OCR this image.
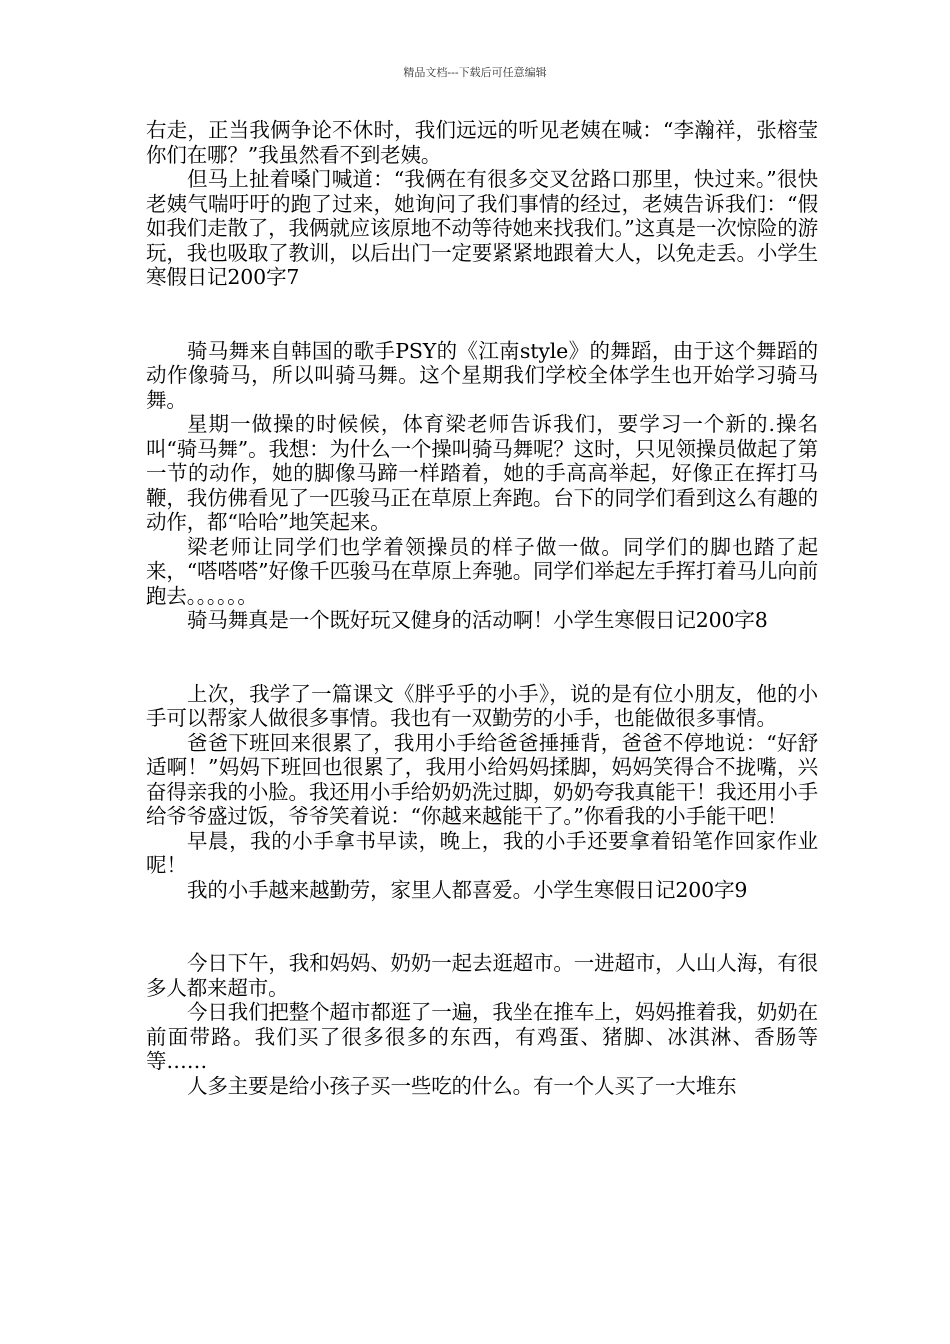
精品文档---下载后可任意编辑

右走，正当我俩争论不休时，我们远远的听见老姨在喊：“李瀚祥，张榕莹你们在哪？”我虽然看不到老姨。

但马上扯着嗓门喊道：“我俩在有很多交叉岔路口那里，快过来。”很快老姨气喘吁吁的跑了过来，她询问了我们事情的经过，老姨告诉我们：“假如我们走散了，我俩就应该原地不动等待她来找我们。”这真是一次惊险的游玩，我也吸取了教训，以后出门一定要紧紧地跟着大人，以免走丢。小学生寒假日记200字7

骑马舞来自韩国的歌手PSY的《江南style》的舞蹈，由于这个舞蹈的动作像骑马，所以叫骑马舞。这个星期我们学校全体学生也开始学习骑马舞。

星期一做操的时候候，体育梁老师告诉我们，要学习一个新的.操名叫“骑马舞”。我想：为什么一个操叫骑马舞呢？这时，只见领操员做起了第一节的动作，她的脚像马蹄一样踏着，她的手高高举起，好像正在挥打马鞭，我仿佛看见了一匹骏马正在草原上奔跑。台下的同学们看到这么有趣的动作，都“哈哈”地笑起来。

梁老师让同学们也学着领操员的样子做一做。同学们的脚也踏了起来，“嗒嗒嗒”好像千匹骏马在草原上奔驰。同学们举起左手挥打着马儿向前跑去。。。。。。

骑马舞真是一个既好玩又健身的活动啊！小学生寒假日记200字8

上次，我学了一篇课文《胖乎乎的小手》，说的是有位小朋友，他的小手可以帮家人做很多事情。我也有一双勤劳的小手，也能做很多事情。

爸爸下班回来很累了，我用小手给爸爸捶捶背，爸爸不停地说：“好舒适啊！”妈妈下班回也很累了，我用小给妈妈揉脚，妈妈笑得合不拢嘴，兴奋得亲我的小脸。我还用小手给奶奶洗过脚，奶奶夸我真能干！我还用小手给爷爷盛过饭，爷爷笑着说：“你越来越能干了。”你看我的小手能干吧！

早晨，我的小手拿书早读，晚上，我的小手还要拿着铅笔作回家作业呢！

我的小手越来越勤劳，家里人都喜爱。小学生寒假日记200字9

今日下午，我和妈妈、奶奶一起去逛超市。一进超市，人山人海，有很多人都来超市。

今日我们把整个超市都逛了一遍，我坐在推车上，妈妈推着我，奶奶在前面带路。我们买了很多很多的东西，有鸡蛋、猪脚、冰淇淋、香肠等等……

人多主要是给小孩子买一些吃的什么。有一个人买了一大堆东
